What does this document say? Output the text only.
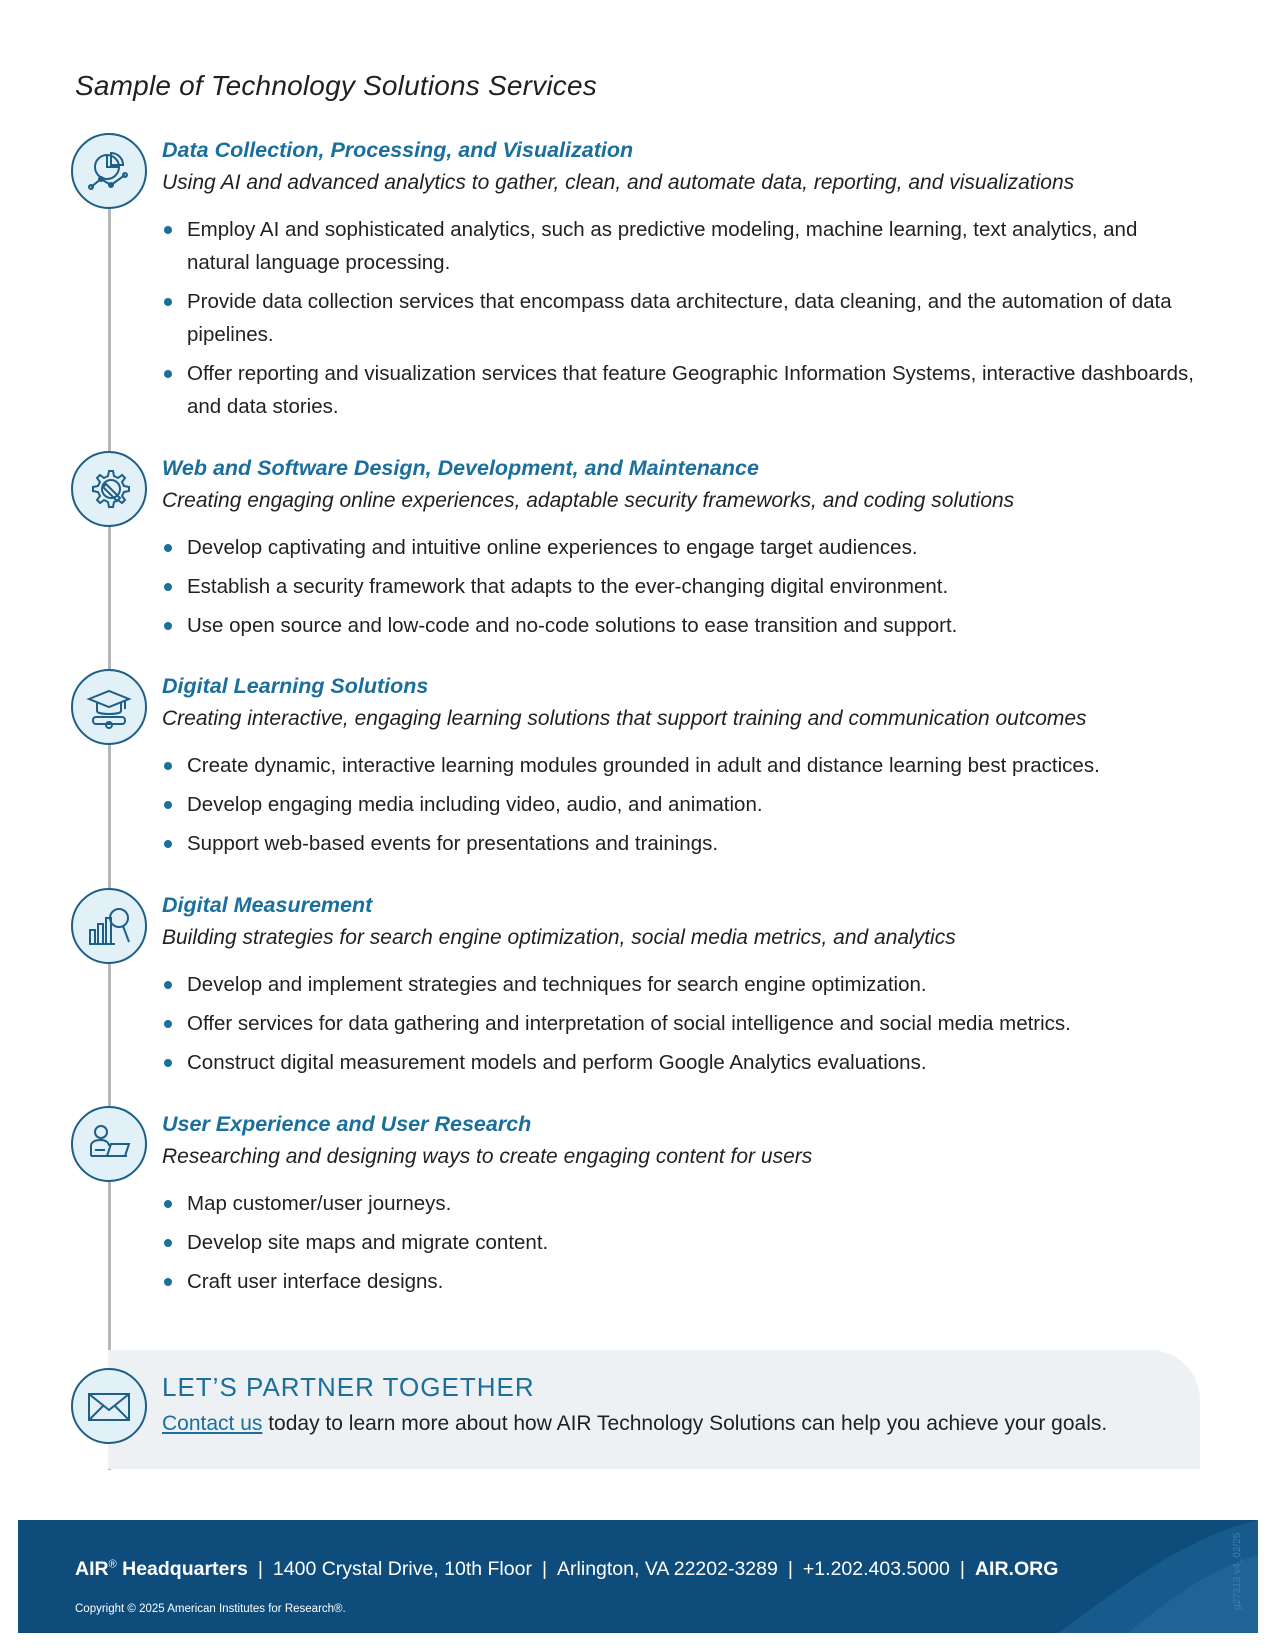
Sample of Technology Solutions Services
Data Collection, Processing, and Visualization
Using AI and advanced analytics to gather, clean, and automate data, reporting, and visualizations
Employ AI and sophisticated analytics, such as predictive modeling, machine learning, text analytics, and natural language processing.
Provide data collection services that encompass data architecture, data cleaning, and the automation of data pipelines.
Offer reporting and visualization services that feature Geographic Information Systems, interactive dashboards, and data stories.
Web and Software Design, Development, and Maintenance
Creating engaging online experiences, adaptable security frameworks, and coding solutions
Develop captivating and intuitive online experiences to engage target audiences.
Establish a security framework that adapts to the ever-changing digital environment.
Use open source and low-code and no-code solutions to ease transition and support.
Digital Learning Solutions
Creating interactive, engaging learning solutions that support training and communication outcomes
Create dynamic, interactive learning modules grounded in adult and distance learning best practices.
Develop engaging media including video, audio, and animation.
Support web-based events for presentations and trainings.
Digital Measurement
Building strategies for search engine optimization, social media metrics, and analytics
Develop and implement strategies and techniques for search engine optimization.
Offer services for data gathering and interpretation of social intelligence and social media metrics.
Construct digital measurement models and perform Google Analytics evaluations.
User Experience and User Research
Researching and designing ways to create engaging content for users
Map customer/user journeys.
Develop site maps and migrate content.
Craft user interface designs.
LET’S PARTNER TOGETHER
Contact us today to learn more about how AIR Technology Solutions can help you achieve your goals.
AIR® Headquarters | 1400 Crystal Drive, 10th Floor | Arlington, VA 22202-3289 | +1.202.403.5000 | AIR.ORG
Copyright © 2025 American Institutes for Research®.	g27313 v4_02/25
